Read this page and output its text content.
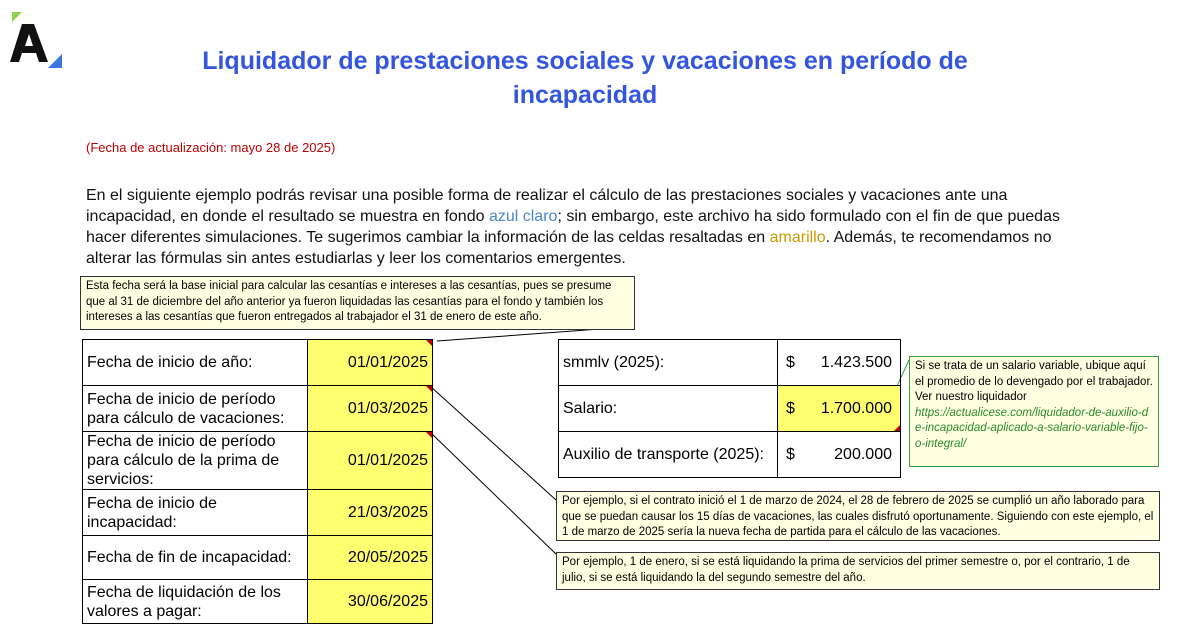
Liquidador de prestaciones sociales y vacaciones en período de
incapacidad
(Fecha de actualización: mayo 28 de 2025)
En el siguiente ejemplo podrás revisar una posible forma de realizar el cálculo de las prestaciones sociales y vacaciones ante una incapacidad, en donde el resultado se muestra en fondo azul claro; sin embargo, este archivo ha sido formulado con el fin de que puedas hacer diferentes simulaciones. Te sugerimos cambiar la información de las celdas resaltadas en amarillo. Además, te recomendamos no alterar las fórmulas sin antes estudiarlas y leer los comentarios emergentes.
Esta fecha será la base inicial para calcular las cesantías e intereses a las cesantías, pues se presume que al 31 de diciembre del año anterior ya fueron liquidadas las cesantías para el fondo y también los intereses a las cesantías que fueron entregados al trabajador el 31 de enero de este año.
Fecha de inicio de año:	01/01/2025

Fecha de inicio de período para cálculo de vacaciones:	01/03/2025

Fecha de inicio de período para cálculo de la prima de servicios:	01/01/2025

Fecha de inicio de incapacidad:	21/03/2025
Fecha de fin de incapacidad:	20/05/2025
Fecha de liquidación de los valores a pagar:	30/06/2025
smmlv (2025):	$ 1.423.500

Salario:	$ 1.700.000

Auxilio de transporte (2025):	$ 200.000
Si se trata de un salario variable, ubique aquí el promedio de lo devengado por el trabajador.
Ver nuestro liquidador
https://actualicese.com/liquidador-de-auxilio-de-incapacidad-aplicado-a-salario-variable-fijo-o-integral/
Por ejemplo, si el contrato inició el 1 de marzo de 2024, el 28 de febrero de 2025 se cumplió un año laborado para que se puedan causar los 15 días de vacaciones, las cuales disfrutó oportunamente. Siguiendo con este ejemplo, el 1 de marzo de 2025 sería la nueva fecha de partida para el cálculo de las vacaciones.
Por ejemplo, 1 de enero, si se está liquidando la prima de servicios del primer semestre o, por el contrario, 1 de julio, si se está liquidando la del segundo semestre del año.
